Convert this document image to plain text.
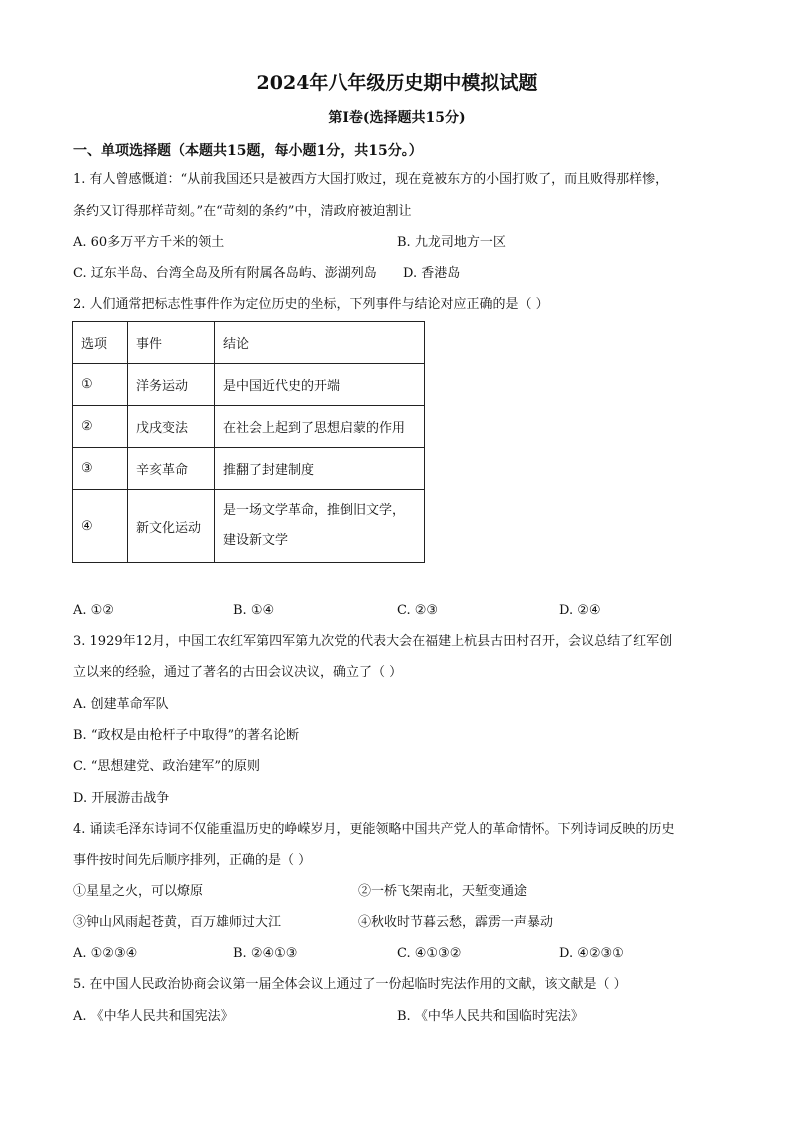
2024年八年级历史期中模拟试题
第Ⅰ卷(选择题共15分)
一、单项选择题（本题共15题，每小题1分，共15分。）
1. 有人曾感慨道：“从前我国还只是被西方大国打败过，现在竟被东方的小国打败了，而且败得那样惨，
条约又订得那样苛刻。”在“苛刻的条约”中，清政府被迫割让
A. 60多万平方千米的领土	B. 九龙司地方一区
C. 辽东半岛、台湾全岛及所有附属各岛屿、澎湖列岛 D. 香港岛
2. 人们通常把标志性事件作为定位历史的坐标，下列事件与结论对应正确的是（ ）
选项	事件	结论
①	洋务运动	是中国近代史的开端
②	戊戌变法	在社会上起到了思想启蒙的作用
③	辛亥革命	推翻了封建制度
④	新文化运动	是一场文学革命，推倒旧文学，
建设新文学
A. ①②	B. ①④	C. ②③	D. ②④
3. 1929年12月，中国工农红军第四军第九次党的代表大会在福建上杭县古田村召开，会议总结了红军创
立以来的经验，通过了著名的古田会议决议，确立了（ ）
A. 创建革命军队
B. “政权是由枪杆子中取得”的著名论断
C. “思想建党、政治建军”的原则
D. 开展游击战争
4. 诵读毛泽东诗词不仅能重温历史的峥嵘岁月，更能领略中国共产党人的革命情怀。下列诗词反映的历史
事件按时间先后顺序排列，正确的是（ ）
①星星之火，可以燎原	②一桥飞架南北，天堑变通途
③钟山风雨起苍黄，百万雄师过大江	④秋收时节暮云愁，霹雳一声暴动
A. ①②③④	B. ②④①③	C. ④①③②	D. ④②③①
5. 在中国人民政治协商会议第一届全体会议上通过了一份起临时宪法作用的文献，该文献是（ ）
A. 《中华人民共和国宪法》	B. 《中华人民共和国临时宪法》
